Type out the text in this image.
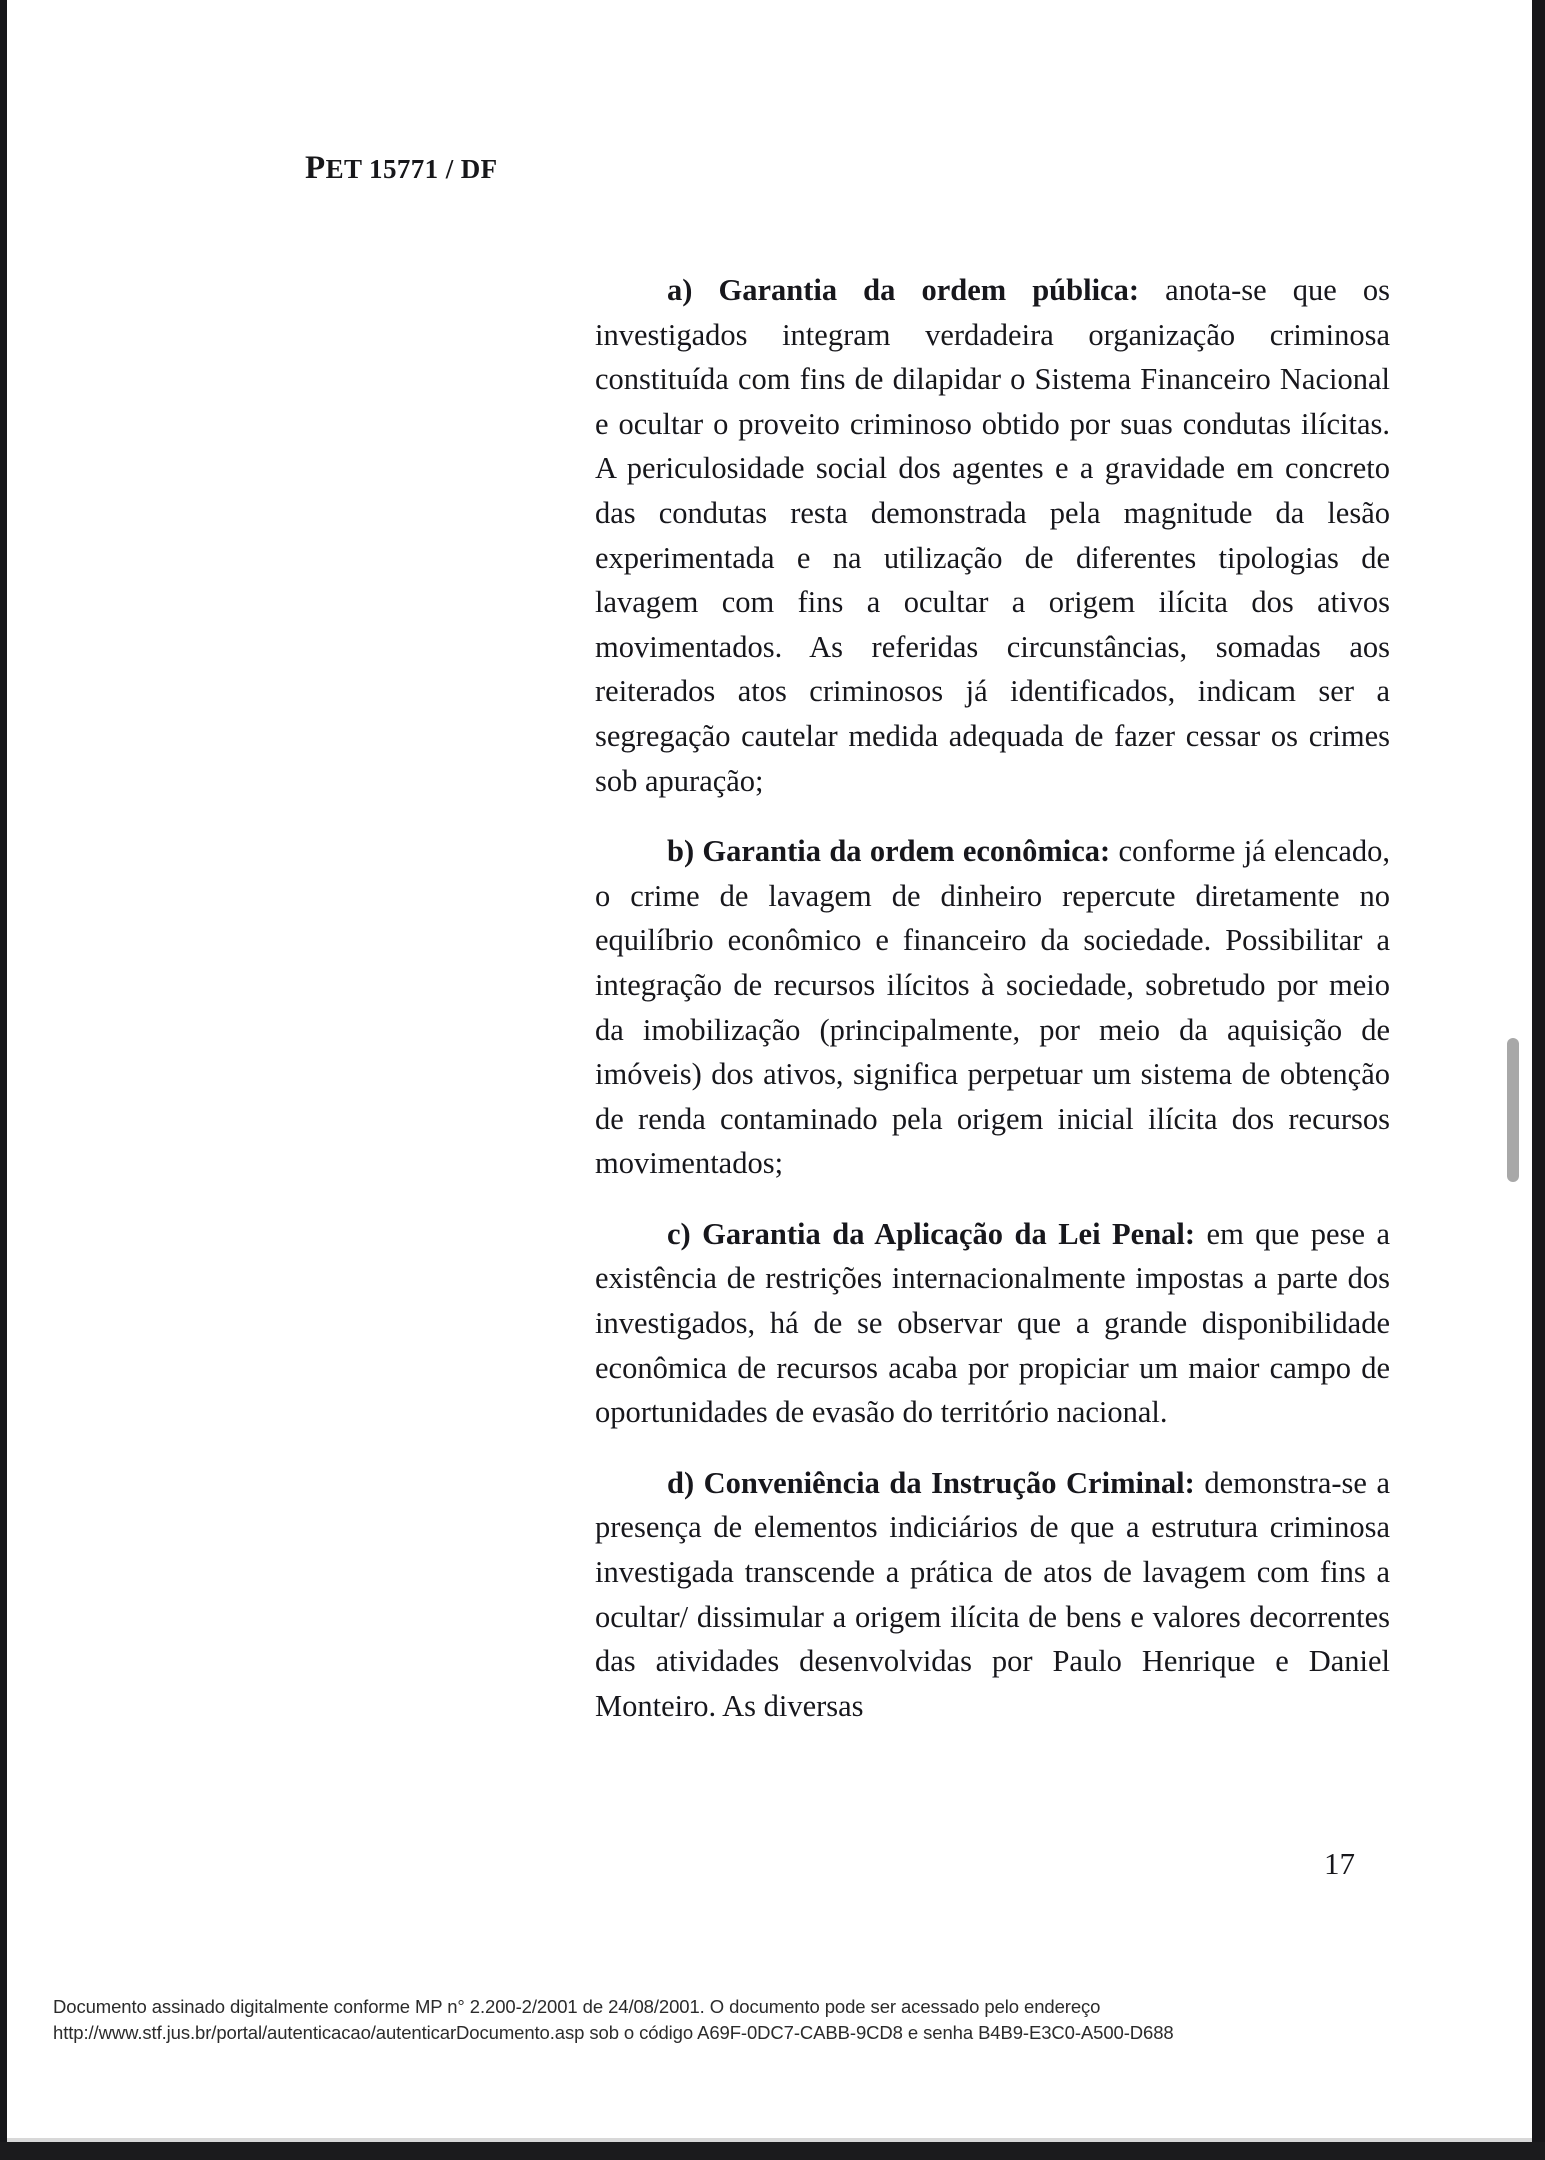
PET 15771 / DF

a) Garantia da ordem pública: anota-se que os investigados integram verdadeira organização criminosa constituída com fins de dilapidar o Sistema Financeiro Nacional e ocultar o proveito criminoso obtido por suas condutas ilícitas. A periculosidade social dos agentes e a gravidade em concreto das condutas resta demonstrada pela magnitude da lesão experimentada e na utilização de diferentes tipologias de lavagem com fins a ocultar a origem ilícita dos ativos movimentados. As referidas circunstâncias, somadas aos reiterados atos criminosos já identificados, indicam ser a segregação cautelar medida adequada de fazer cessar os crimes sob apuração;

b) Garantia da ordem econômica: conforme já elencado, o crime de lavagem de dinheiro repercute diretamente no equilíbrio econômico e financeiro da sociedade. Possibilitar a integração de recursos ilícitos à sociedade, sobretudo por meio da imobilização (principalmente, por meio da aquisição de imóveis) dos ativos, significa perpetuar um sistema de obtenção de renda contaminado pela origem inicial ilícita dos recursos movimentados;

c) Garantia da Aplicação da Lei Penal: em que pese a existência de restrições internacionalmente impostas a parte dos investigados, há de se observar que a grande disponibilidade econômica de recursos acaba por propiciar um maior campo de oportunidades de evasão do território nacional.

d) Conveniência da Instrução Criminal: demonstra-se a presença de elementos indiciários de que a estrutura criminosa investigada transcende a prática de atos de lavagem com fins a ocultar/ dissimular a origem ilícita de bens e valores decorrentes das atividades desenvolvidas por Paulo Henrique e Daniel Monteiro. As diversas

17
Documento assinado digitalmente conforme MP n° 2.200-2/2001 de 24/08/2001. O documento pode ser acessado pelo endereço
http://www.stf.jus.br/portal/autenticacao/autenticarDocumento.asp sob o código A69F-0DC7-CABB-9CD8 e senha B4B9-E3C0-A500-D688
